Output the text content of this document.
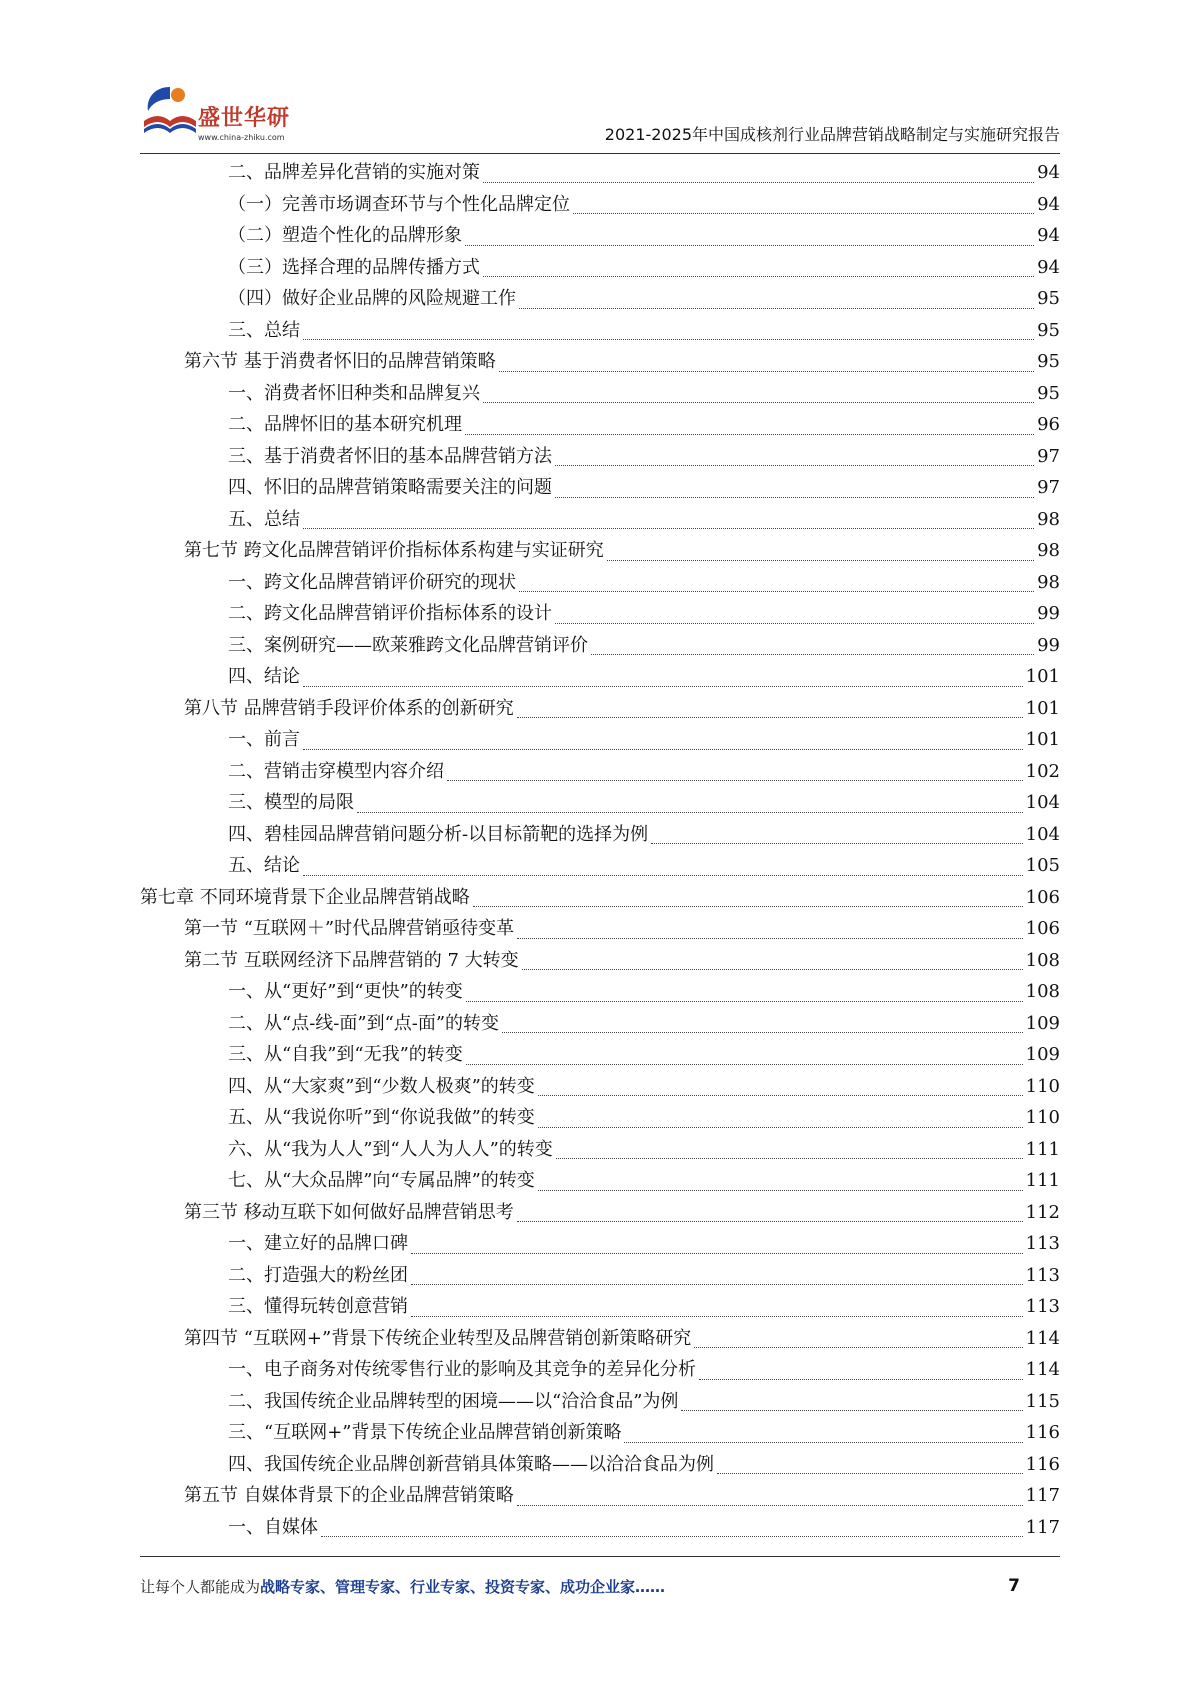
盛世华研
www.china-zhiku.com	2021-2025年中国成核剂行业品牌营销战略制定与实施研究报告
二、品牌差异化营销的实施对策	94
（一）完善市场调查环节与个性化品牌定位	94
（二）塑造个性化的品牌形象	94
（三）选择合理的品牌传播方式	94
（四）做好企业品牌的风险规避工作	95
三、总结	95
第六节 基于消费者怀旧的品牌营销策略	95
一、消费者怀旧种类和品牌复兴	95
二、品牌怀旧的基本研究机理	96
三、基于消费者怀旧的基本品牌营销方法	97
四、怀旧的品牌营销策略需要关注的问题	97
五、总结	98
第七节 跨文化品牌营销评价指标体系构建与实证研究	98
一、跨文化品牌营销评价研究的现状	98
二、跨文化品牌营销评价指标体系的设计	99
三、案例研究——欧莱雅跨文化品牌营销评价	99
四、结论	101
第八节 品牌营销手段评价体系的创新研究	101
一、前言	101
二、营销击穿模型内容介绍	102
三、模型的局限	104
四、碧桂园品牌营销问题分析-以目标箭靶的选择为例	104
五、结论	105
第七章 不同环境背景下企业品牌营销战略	106
第一节 “互联网＋”时代品牌营销亟待变革	106
第二节 互联网经济下品牌营销的 7 大转变	108
一、从“更好”到“更快”的转变	108
二、从“点-线-面”到“点-面”的转变	109
三、从“自我”到“无我”的转变	109
四、从“大家爽”到“少数人极爽”的转变	110
五、从“我说你听”到“你说我做”的转变	110
六、从“我为人人”到“人人为人人”的转变	111
七、从“大众品牌”向“专属品牌”的转变	111
第三节 移动互联下如何做好品牌营销思考	112
一、建立好的品牌口碑	113
二、打造强大的粉丝团	113
三、懂得玩转创意营销	113
第四节 “互联网+”背景下传统企业转型及品牌营销创新策略研究	114
一、电子商务对传统零售行业的影响及其竞争的差异化分析	114
二、我国传统企业品牌转型的困境——以“洽洽食品”为例	115
三、“互联网+”背景下传统企业品牌营销创新策略	116
四、我国传统企业品牌创新营销具体策略——以洽洽食品为例	116
第五节 自媒体背景下的企业品牌营销策略	117
一、自媒体	117
让每个人都能成为战略专家、管理专家、行业专家、投资专家、成功企业家……	7
